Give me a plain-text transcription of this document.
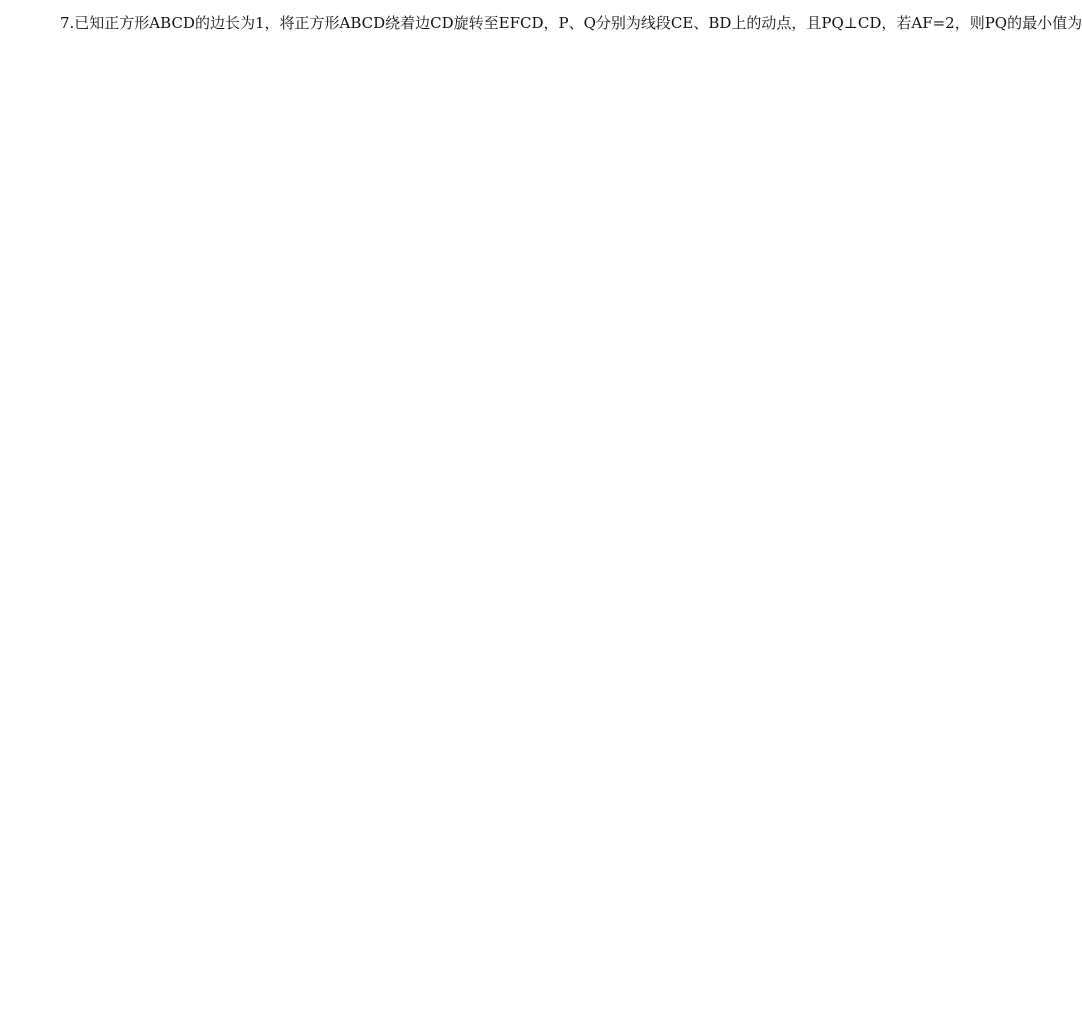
7.已知正方形ABCD的边长为1，将正方形ABCD绕着边CD旋转至EFCD，P、Q分别为线段CE、BD上的动点，且PQ⊥CD，若AF=2，则PQ的最小值为
